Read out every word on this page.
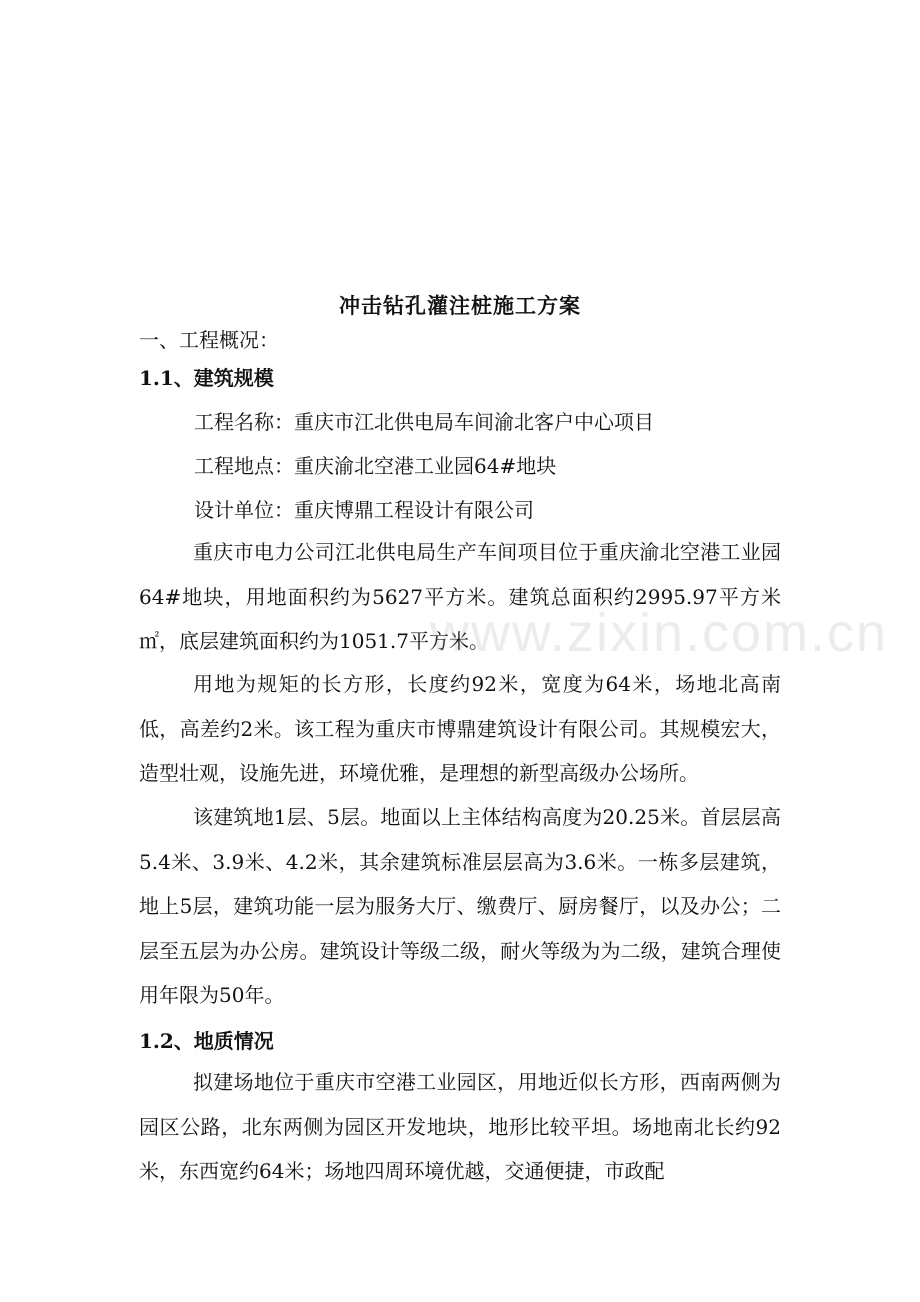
冲击钻孔灌注桩施工方案
一、工程概况：
1.1、建筑规模
工程名称：重庆市江北供电局车间渝北客户中心项目
工程地点：重庆渝北空港工业园64#地块
设计单位：重庆博鼎工程设计有限公司

重庆市电力公司江北供电局生产车间项目位于重庆渝北空港工业园64#地块，用地面积约为5627平方米。建筑总面积约2995.97平方米㎡，底层建筑面积约为1051.7平方米。

用地为规矩的长方形，长度约92米，宽度为64米，场地北高南低，高差约2米。该工程为重庆市博鼎建筑设计有限公司。其规模宏大，造型壮观，设施先进，环境优雅，是理想的新型高级办公场所。

该建筑地1层、5层。地面以上主体结构高度为20.25米。首层层高5.4米、3.9米、4.2米，其余建筑标准层层高为3.6米。一栋多层建筑，地上5层，建筑功能一层为服务大厅、缴费厅、厨房餐厅，以及办公；二层至五层为办公房。建筑设计等级二级，耐火等级为为二级，建筑合理使用年限为50年。

1.2、地质情况

拟建场地位于重庆市空港工业园区，用地近似长方形，西南两侧为园区公路，北东两侧为园区开发地块，地形比较平坦。场地南北长约92米，东西宽约64米；场地四周环境优越，交通便捷，市政配

www.zixin.com.cn
